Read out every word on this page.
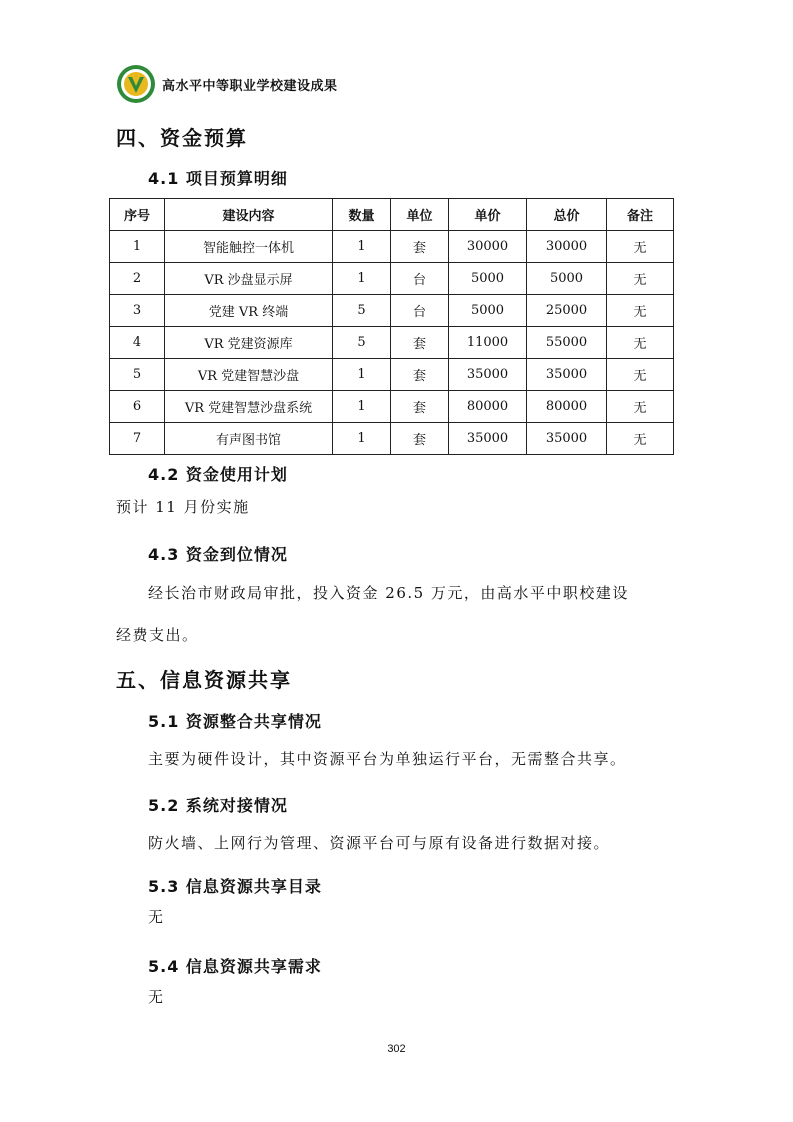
高水平中等职业学校建设成果
四、资金预算
4.1 项目预算明细
序号	建设内容	数量	单位	单价	总价	备注
1	智能触控一体机	1	套	30000	30000	无
2	VR 沙盘显示屏	1	台	5000	5000	无
3	党建 VR 终端	5	台	5000	25000	无
4	VR 党建资源库	5	套	11000	55000	无
5	VR 党建智慧沙盘	1	套	35000	35000	无
6	VR 党建智慧沙盘系统	1	套	80000	80000	无
7	有声图书馆	1	套	35000	35000	无
4.2 资金使用计划

预计 11 月份实施

4.3 资金到位情况

经长治市财政局审批，投入资金 26.5 万元，由高水平中职校建设

经费支出。

五、信息资源共享
5.1 资源整合共享情况

主要为硬件设计，其中资源平台为单独运行平台，无需整合共享。

5.2 系统对接情况

防火墙、上网行为管理、资源平台可与原有设备进行数据对接。

5.3 信息资源共享目录

无

5.4 信息资源共享需求

无

302
